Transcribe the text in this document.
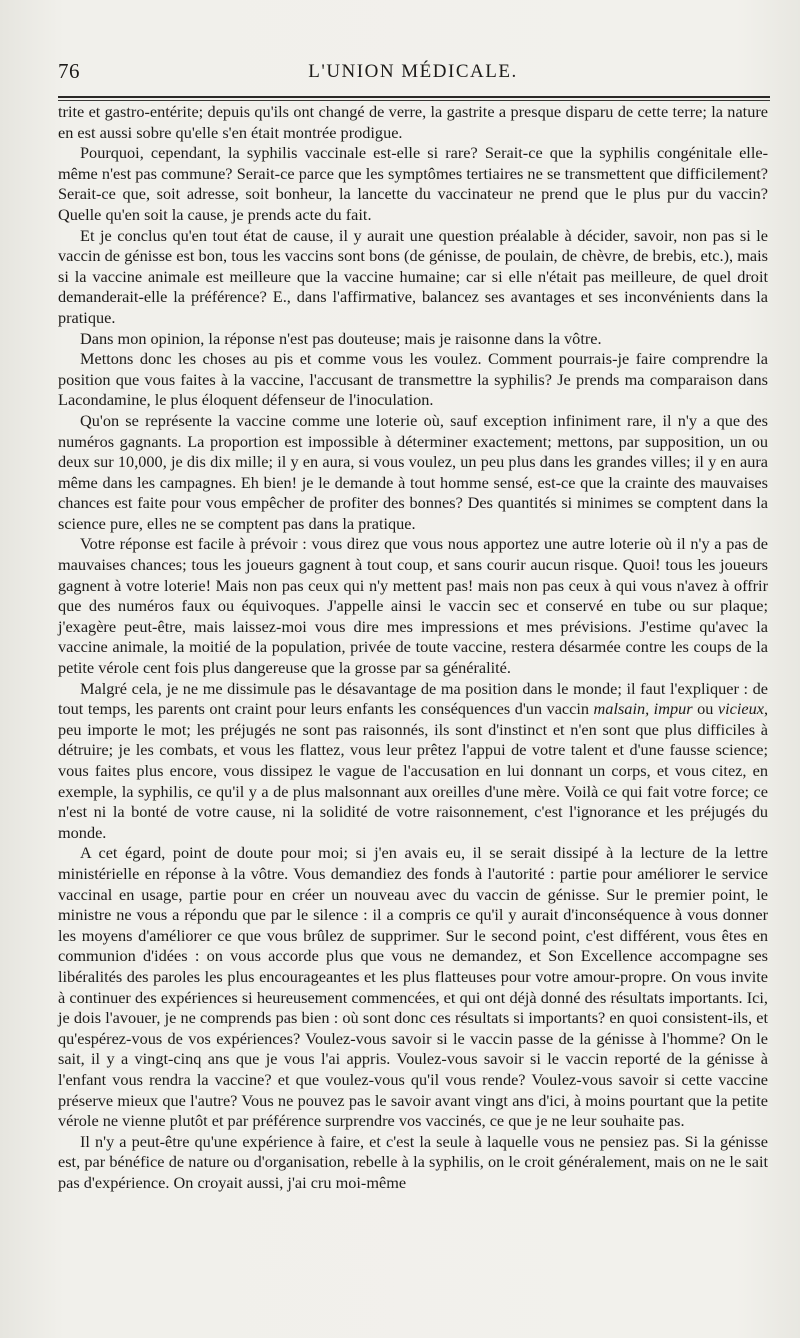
76	L'UNION MÉDICALE.

trite et gastro-entérite; depuis qu'ils ont changé de verre, la gastrite a presque disparu de cette terre; la nature en est aussi sobre qu'elle s'en était montrée prodigue.

Pourquoi, cependant, la syphilis vaccinale est-elle si rare? Serait-ce que la syphilis congénitale elle-même n'est pas commune? Serait-ce parce que les symptômes tertiaires ne se transmettent que difficilement? Serait-ce que, soit adresse, soit bonheur, la lancette du vaccinateur ne prend que le plus pur du vaccin? Quelle qu'en soit la cause, je prends acte du fait.

Et je conclus qu'en tout état de cause, il y aurait une question préalable à décider, savoir, non pas si le vaccin de génisse est bon, tous les vaccins sont bons (de génisse, de poulain, de chèvre, de brebis, etc.), mais si la vaccine animale est meilleure que la vaccine humaine; car si elle n'était pas meilleure, de quel droit demanderait-elle la préférence? E., dans l'affirmative, balancez ses avantages et ses inconvénients dans la pratique.

Dans mon opinion, la réponse n'est pas douteuse; mais je raisonne dans la vôtre.

Mettons donc les choses au pis et comme vous les voulez. Comment pourrais-je faire comprendre la position que vous faites à la vaccine, l'accusant de transmettre la syphilis? Je prends ma comparaison dans Lacondamine, le plus éloquent défenseur de l'inoculation.

Qu'on se représente la vaccine comme une loterie où, sauf exception infiniment rare, il n'y a que des numéros gagnants. La proportion est impossible à déterminer exactement; mettons, par supposition, un ou deux sur 10,000, je dis dix mille; il y en aura, si vous voulez, un peu plus dans les grandes villes; il y en aura même dans les campagnes. Eh bien! je le demande à tout homme sensé, est-ce que la crainte des mauvaises chances est faite pour vous empêcher de profiter des bonnes? Des quantités si minimes se comptent dans la science pure, elles ne se comptent pas dans la pratique.

Votre réponse est facile à prévoir : vous direz que vous nous apportez une autre loterie où il n'y a pas de mauvaises chances; tous les joueurs gagnent à tout coup, et sans courir aucun risque. Quoi! tous les joueurs gagnent à votre loterie! Mais non pas ceux qui n'y mettent pas! mais non pas ceux à qui vous n'avez à offrir que des numéros faux ou équivoques. J'appelle ainsi le vaccin sec et conservé en tube ou sur plaque; j'exagère peut-être, mais laissez-moi vous dire mes impressions et mes prévisions. J'estime qu'avec la vaccine animale, la moitié de la population, privée de toute vaccine, restera désarmée contre les coups de la petite vérole cent fois plus dangereuse que la grosse par sa généralité.

Malgré cela, je ne me dissimule pas le désavantage de ma position dans le monde; il faut l'expliquer : de tout temps, les parents ont craint pour leurs enfants les conséquences d'un vaccin malsain, impur ou vicieux, peu importe le mot; les préjugés ne sont pas raisonnés, ils sont d'instinct et n'en sont que plus difficiles à détruire; je les combats, et vous les flattez, vous leur prêtez l'appui de votre talent et d'une fausse science; vous faites plus encore, vous dissipez le vague de l'accusation en lui donnant un corps, et vous citez, en exemple, la syphilis, ce qu'il y a de plus malsonnant aux oreilles d'une mère. Voilà ce qui fait votre force; ce n'est ni la bonté de votre cause, ni la solidité de votre raisonnement, c'est l'ignorance et les préjugés du monde.

A cet égard, point de doute pour moi; si j'en avais eu, il se serait dissipé à la lecture de la lettre ministérielle en réponse à la vôtre. Vous demandiez des fonds à l'autorité : partie pour améliorer le service vaccinal en usage, partie pour en créer un nouveau avec du vaccin de génisse. Sur le premier point, le ministre ne vous a répondu que par le silence : il a compris ce qu'il y aurait d'inconséquence à vous donner les moyens d'améliorer ce que vous brûlez de supprimer. Sur le second point, c'est différent, vous êtes en communion d'idées : on vous accorde plus que vous ne demandez, et Son Excellence accompagne ses libéralités des paroles les plus encourageantes et les plus flatteuses pour votre amour-propre. On vous invite à continuer des expériences si heureusement commencées, et qui ont déjà donné des résultats importants. Ici, je dois l'avouer, je ne comprends pas bien : où sont donc ces résultats si importants? en quoi consistent-ils, et qu'espérez-vous de vos expériences? Voulez-vous savoir si le vaccin passe de la génisse à l'homme? On le sait, il y a vingt-cinq ans que je vous l'ai appris. Voulez-vous savoir si le vaccin reporté de la génisse à l'enfant vous rendra la vaccine? et que voulez-vous qu'il vous rende? Voulez-vous savoir si cette vaccine préserve mieux que l'autre? Vous ne pouvez pas le savoir avant vingt ans d'ici, à moins pourtant que la petite vérole ne vienne plutôt et par préférence surprendre vos vaccinés, ce que je ne leur souhaite pas.

Il n'y a peut-être qu'une expérience à faire, et c'est la seule à laquelle vous ne pensiez pas. Si la génisse est, par bénéfice de nature ou d'organisation, rebelle à la syphilis, on le croit généralement, mais on ne le sait pas d'expérience. On croyait aussi, j'ai cru moi-même
